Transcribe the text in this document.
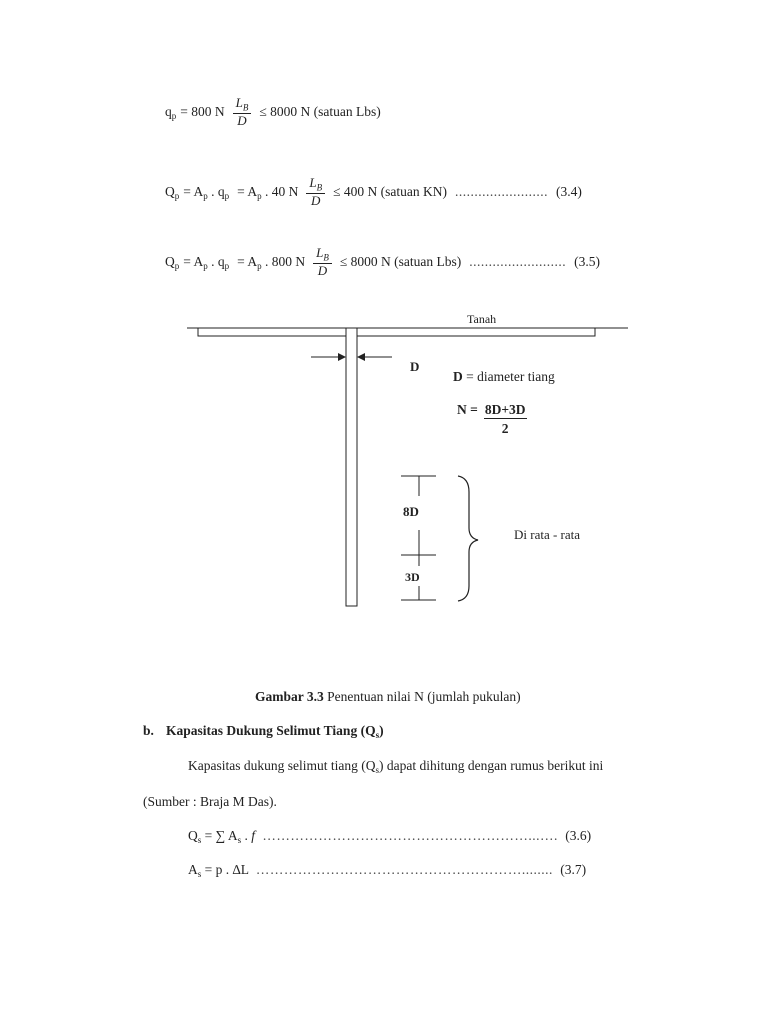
$q_p = 800$ N $\frac{L_B}{D} \le 8000$ N (satuan Lbs)
$Q_p = A_p$ . $q_p = A_p$ . 40 N $\frac{L_B}{D} \le 400$ N (satuan KN) ........................ (3.4)
$Q_p = A_p$ . $q_p = A_p$ . 800 N $\frac{L_B}{D} \le 8000$ N (satuan Lbs) ......................... (3.5)
Tanah
D
D = diameter tiang
$N = \frac{8D+3D}{2}$
8D
3D
Di rata - rata
Gambar 3.3 Penentuan nilai N (jumlah pukulan)
b. Kapasitas Dukung Selimut Tiang $(Q_s)$
Kapasitas dukung selimut tiang $(Q_s)$ dapat dihitung dengan rumus berikut ini
(Sumber : Braja M Das).
$Q_s$ = ∑ $A_s$ . f …………………………………………………...…. (3.6)
$A_s = p$ . ∆L …………………………………………………........ (3.7)
